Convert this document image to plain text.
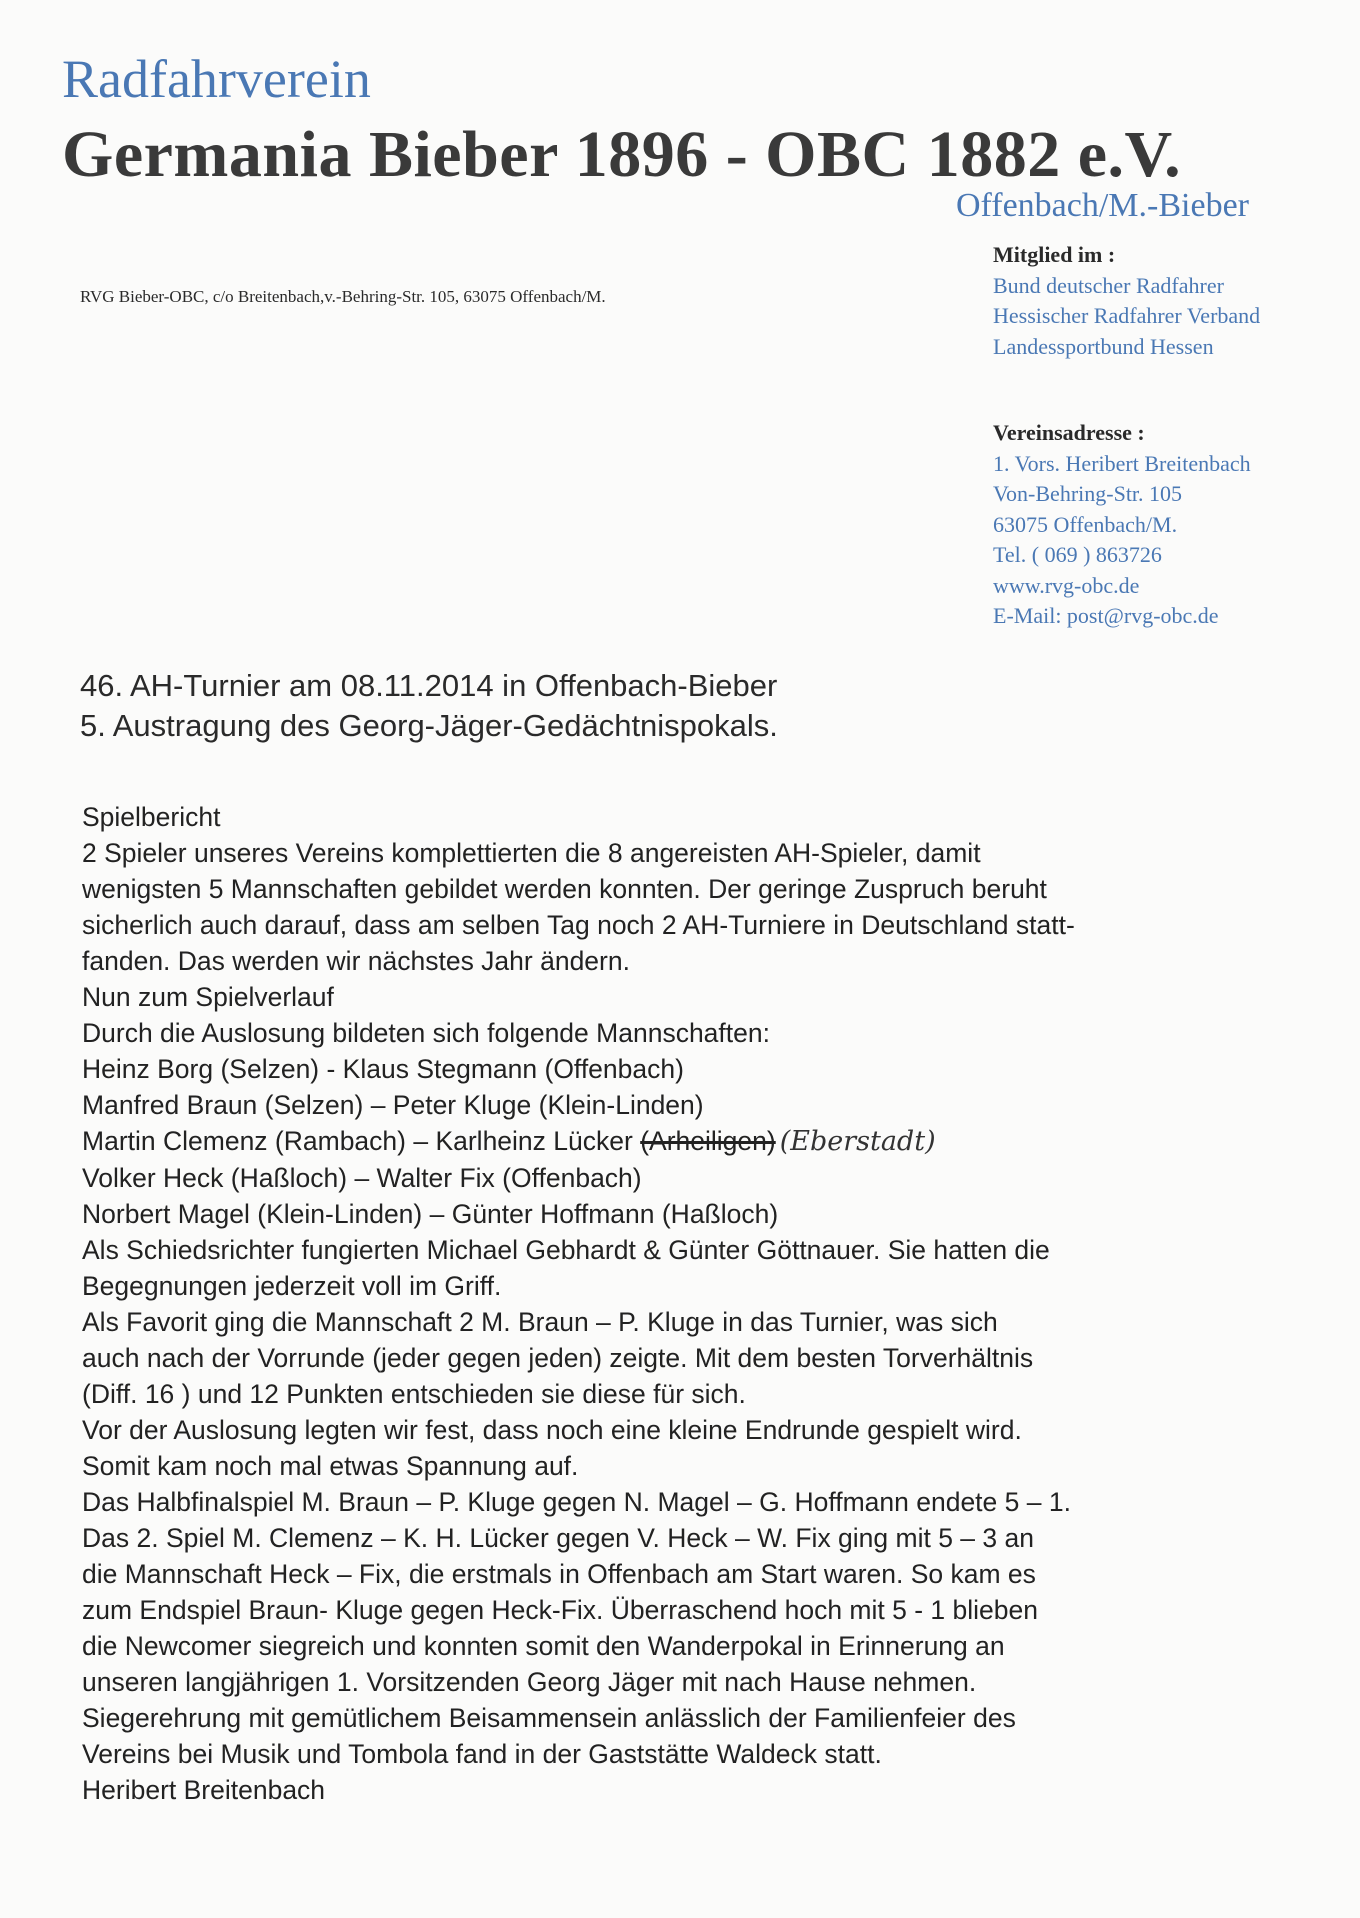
Radfahrverein
Germania Bieber 1896 - OBC 1882 e.V.
Offenbach/M.-Bieber
RVG Bieber-OBC, c/o Breitenbach,v.-Behring-Str. 105, 63075 Offenbach/M.
Mitglied im :
Bund deutscher Radfahrer
Hessischer Radfahrer Verband
Landessportbund Hessen
Vereinsadresse :
1. Vors. Heribert Breitenbach
Von-Behring-Str. 105
63075 Offenbach/M.
Tel. ( 069 ) 863726
www.rvg-obc.de
E-Mail: post@rvg-obc.de
46. AH-Turnier am 08.11.2014 in Offenbach-Bieber
5. Austragung des Georg-Jäger-Gedächtnispokals.
Spielbericht
2 Spieler unseres Vereins komplettierten die 8 angereisten AH-Spieler, damit
wenigsten 5 Mannschaften gebildet werden konnten. Der geringe Zuspruch beruht
sicherlich auch darauf, dass am selben Tag noch 2 AH-Turniere in Deutschland statt-
fanden. Das werden wir nächstes Jahr ändern.
Nun zum Spielverlauf
Durch die Auslosung bildeten sich folgende Mannschaften:
Heinz Borg (Selzen) - Klaus Stegmann (Offenbach)
Manfred Braun (Selzen) – Peter Kluge (Klein-Linden)
Martin Clemenz (Rambach) – Karlheinz Lücker (Arheiligen) (Eberstadt)
Volker Heck (Haßloch) – Walter Fix (Offenbach)
Norbert Magel (Klein-Linden) – Günter Hoffmann (Haßloch)
Als Schiedsrichter fungierten Michael Gebhardt & Günter Göttnauer. Sie hatten die
Begegnungen jederzeit voll im Griff.
Als Favorit ging die Mannschaft 2 M. Braun – P. Kluge in das Turnier, was sich
auch nach der Vorrunde (jeder gegen jeden) zeigte. Mit dem besten Torverhältnis
(Diff. 16 ) und 12 Punkten entschieden sie diese für sich.
Vor der Auslosung legten wir fest, dass noch eine kleine Endrunde gespielt wird.
Somit kam noch mal etwas Spannung auf.
Das Halbfinalspiel M. Braun – P. Kluge gegen N. Magel – G. Hoffmann endete 5 – 1.
Das 2. Spiel M. Clemenz – K. H. Lücker gegen V. Heck – W. Fix ging mit 5 – 3 an
die Mannschaft Heck – Fix, die erstmals in Offenbach am Start waren. So kam es
zum Endspiel Braun- Kluge gegen Heck-Fix. Überraschend hoch mit 5 - 1 blieben
die Newcomer siegreich und konnten somit den Wanderpokal in Erinnerung an
unseren langjährigen 1. Vorsitzenden Georg Jäger mit nach Hause nehmen.
Siegerehrung mit gemütlichem Beisammensein anlässlich der Familienfeier des
Vereins bei Musik und Tombola fand in der Gaststätte Waldeck statt.
Heribert Breitenbach
